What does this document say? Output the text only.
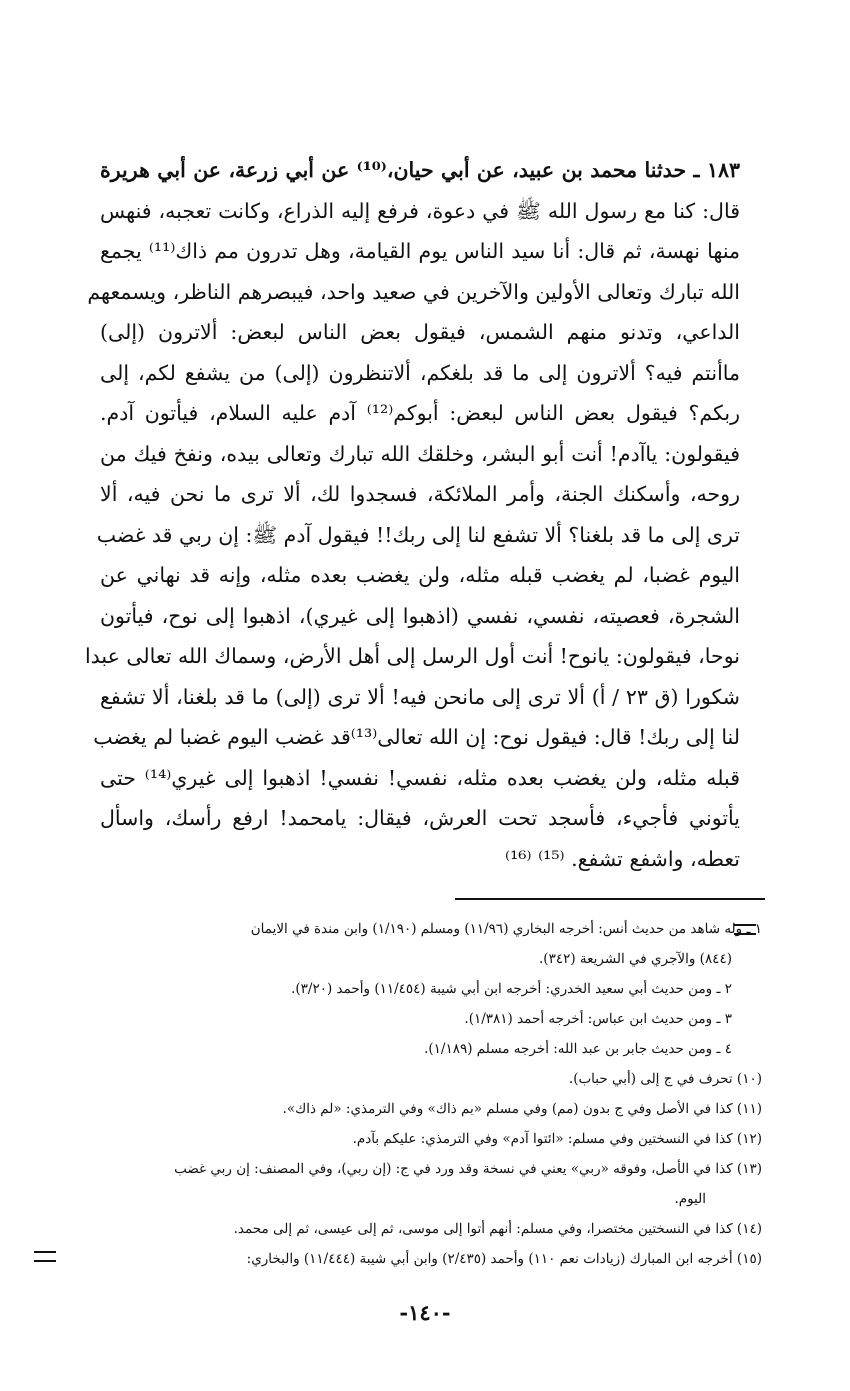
١٨٣ ـ حدثنا محمد بن عبيد، عن أبي حيان،⁽¹⁰⁾ عن أبي زرعة، عن أبي هريرة
قال: كنا مع رسول الله ﷺ في دعوة، فرفع إليه الذراع، وكانت تعجبه، فنهس
منها نهسة، ثم قال: أنا سيد الناس يوم القيامة، وهل تدرون مم ذاك⁽¹¹⁾ يجمع
الله تبارك وتعالى الأولين والآخرين في صعيد واحد، فيبصرهم الناظر، ويسمعهم
الداعي، وتدنو منهم الشمس، فيقول بعض الناس لبعض: ألاترون (إلى)
ماأنتم فيه؟ ألاترون إلى ما قد بلغكم، ألاتنظرون (إلى) من يشفع لكم، إلى
ربكم؟ فيقول بعض الناس لبعض: أبوكم⁽¹²⁾ آدم عليه السلام، فيأتون آدم.
فيقولون: ياآدم! أنت أبو البشر، وخلقك الله تبارك وتعالى بيده، ونفخ فيك من
روحه، وأسكنك الجنة، وأمر الملائكة، فسجدوا لك، ألا ترى ما نحن فيه، ألا
ترى إلى ما قد بلغنا؟ ألا تشفع لنا إلى ربك!! فيقول آدم ﷺ: إن ربي قد غضب
اليوم غضبا، لم يغضب قبله مثله، ولن يغضب بعده مثله، وإنه قد نهاني عن
الشجرة، فعصيته، نفسي، نفسي (اذهبوا إلى غيري)، اذهبوا إلى نوح، فيأتون
نوحا، فيقولون: يانوح! أنت أول الرسل إلى أهل الأرض، وسماك الله تعالى عبدا
شكورا (ق ٢٣ / أ) ألا ترى إلى مانحن فيه! ألا ترى (إلى) ما قد بلغنا، ألا تشفع
لنا إلى ربك! قال: فيقول نوح: إن الله تعالى⁽¹³⁾قد غضب اليوم غضبا لم يغضب
قبله مثله، ولن يغضب بعده مثله، نفسي! نفسي! اذهبوا إلى غيري⁽¹⁴⁾ حتى
يأتوني فأجيء، فأسجد تحت العرش، فيقال: يامحمد! ارفع رأسك، واسأل
تعطه، واشفع تشفع. ⁽¹⁵⁾ ⁽¹⁶⁾
١ ـ وله شاهد من حديث أنس: أخرجه البخاري (١١/٩٦) ومسلم (١/١٩٠) وابن مندة في الايمان
(٨٤٤) والآجري في الشريعة (٣٤٢).
٢ ـ ومن حديث أبي سعيد الخدري: أخرجه ابن أبي شيبة (١١/٤٥٤) وأحمد (٣/٢٠).
٣ ـ ومن حديث ابن عباس: أخرجه أحمد (١/٣٨١).
٤ ـ ومن حديث جابر بن عبد الله: أخرجه مسلم (١/١٨٩).
(١٠) تحرف في ج إلى (أبي حباب).
(١١) كذا في الأصل وفي ج بدون (مم) وفي مسلم «بم ذاك» وفي الترمذي: «لم ذاك».
(١٢) كذا في النسختين وفي مسلم: «ائتوا آدم» وفي الترمذي: عليكم بآدم.
(١٣) كذا في الأصل، وفوقه «ربي» يعني في نسخة وقد ورد في ج: (إن ربي)، وفي المصنف: إن ربي غضب
اليوم.
(١٤) كذا في النسختين مختصرا، وفي مسلم: أنهم أتوا إلى موسى، ثم إلى عيسى، ثم إلى محمد.
(١٥) أخرجه ابن المبارك (زيادات نعم ١١٠) وأحمد (٢/٤٣٥) وابن أبي شيبة (١١/٤٤٤) والبخاري:
-١٤٠-
